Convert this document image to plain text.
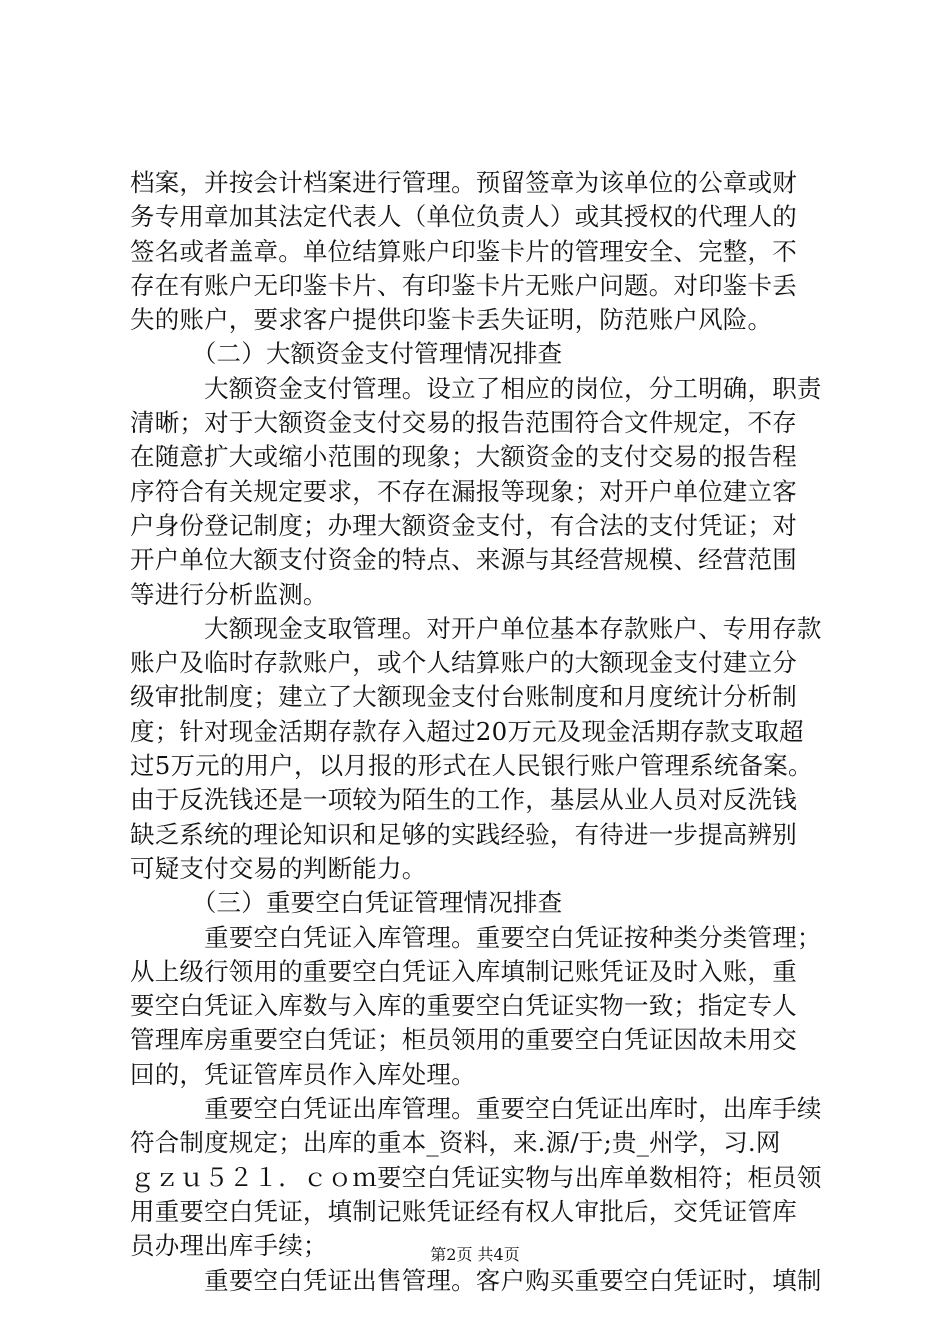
档案，并按会计档案进行管理。预留签章为该单位的公章或财
务专用章加其法定代表人（单位负责人）或其授权的代理人的
签名或者盖章。单位结算账户印鉴卡片的管理安全、完整，不
存在有账户无印鉴卡片、有印鉴卡片无账户问题。对印鉴卡丢
失的账户，要求客户提供印鉴卡丢失证明，防范账户风险。
　　　（二）大额资金支付管理情况排查
　　　大额资金支付管理。设立了相应的岗位，分工明确，职责
清晰；对于大额资金支付交易的报告范围符合文件规定，不存
在随意扩大或缩小范围的现象；大额资金的支付交易的报告程
序符合有关规定要求，不存在漏报等现象；对开户单位建立客
户身份登记制度；办理大额资金支付，有合法的支付凭证；对
开户单位大额支付资金的特点、来源与其经营规模、经营范围
等进行分析监测。
　　　大额现金支取管理。对开户单位基本存款账户、专用存款
账户及临时存款账户，或个人结算账户的大额现金支付建立分
级审批制度；建立了大额现金支付台账制度和月度统计分析制
度；针对现金活期存款存入超过20万元及现金活期存款支取超
过5万元的用户，以月报的形式在人民银行账户管理系统备案。
由于反洗钱还是一项较为陌生的工作，基层从业人员对反洗钱
缺乏系统的理论知识和足够的实践经验，有待进一步提高辨别
可疑支付交易的判断能力。
　　　（三）重要空白凭证管理情况排查
　　　重要空白凭证入库管理。重要空白凭证按种类分类管理；
从上级行领用的重要空白凭证入库填制记账凭证及时入账，重
要空白凭证入库数与入库的重要空白凭证实物一致；指定专人
管理库房重要空白凭证；柜员领用的重要空白凭证因故未用交
回的，凭证管库员作入库处理。
　　　重要空白凭证出库管理。重要空白凭证出库时，出库手续
符合制度规定；出库的重本_资料，来.源/于;贵_州学，习.网
ｇｚｕ５２１．ｃｏｍ要空白凭证实物与出库单数相符；柜员领
用重要空白凭证，填制记账凭证经有权人审批后，交凭证管库
员办理出库手续；
　　　重要空白凭证出售管理。客户购买重要空白凭证时，填制
第2页 共4页
